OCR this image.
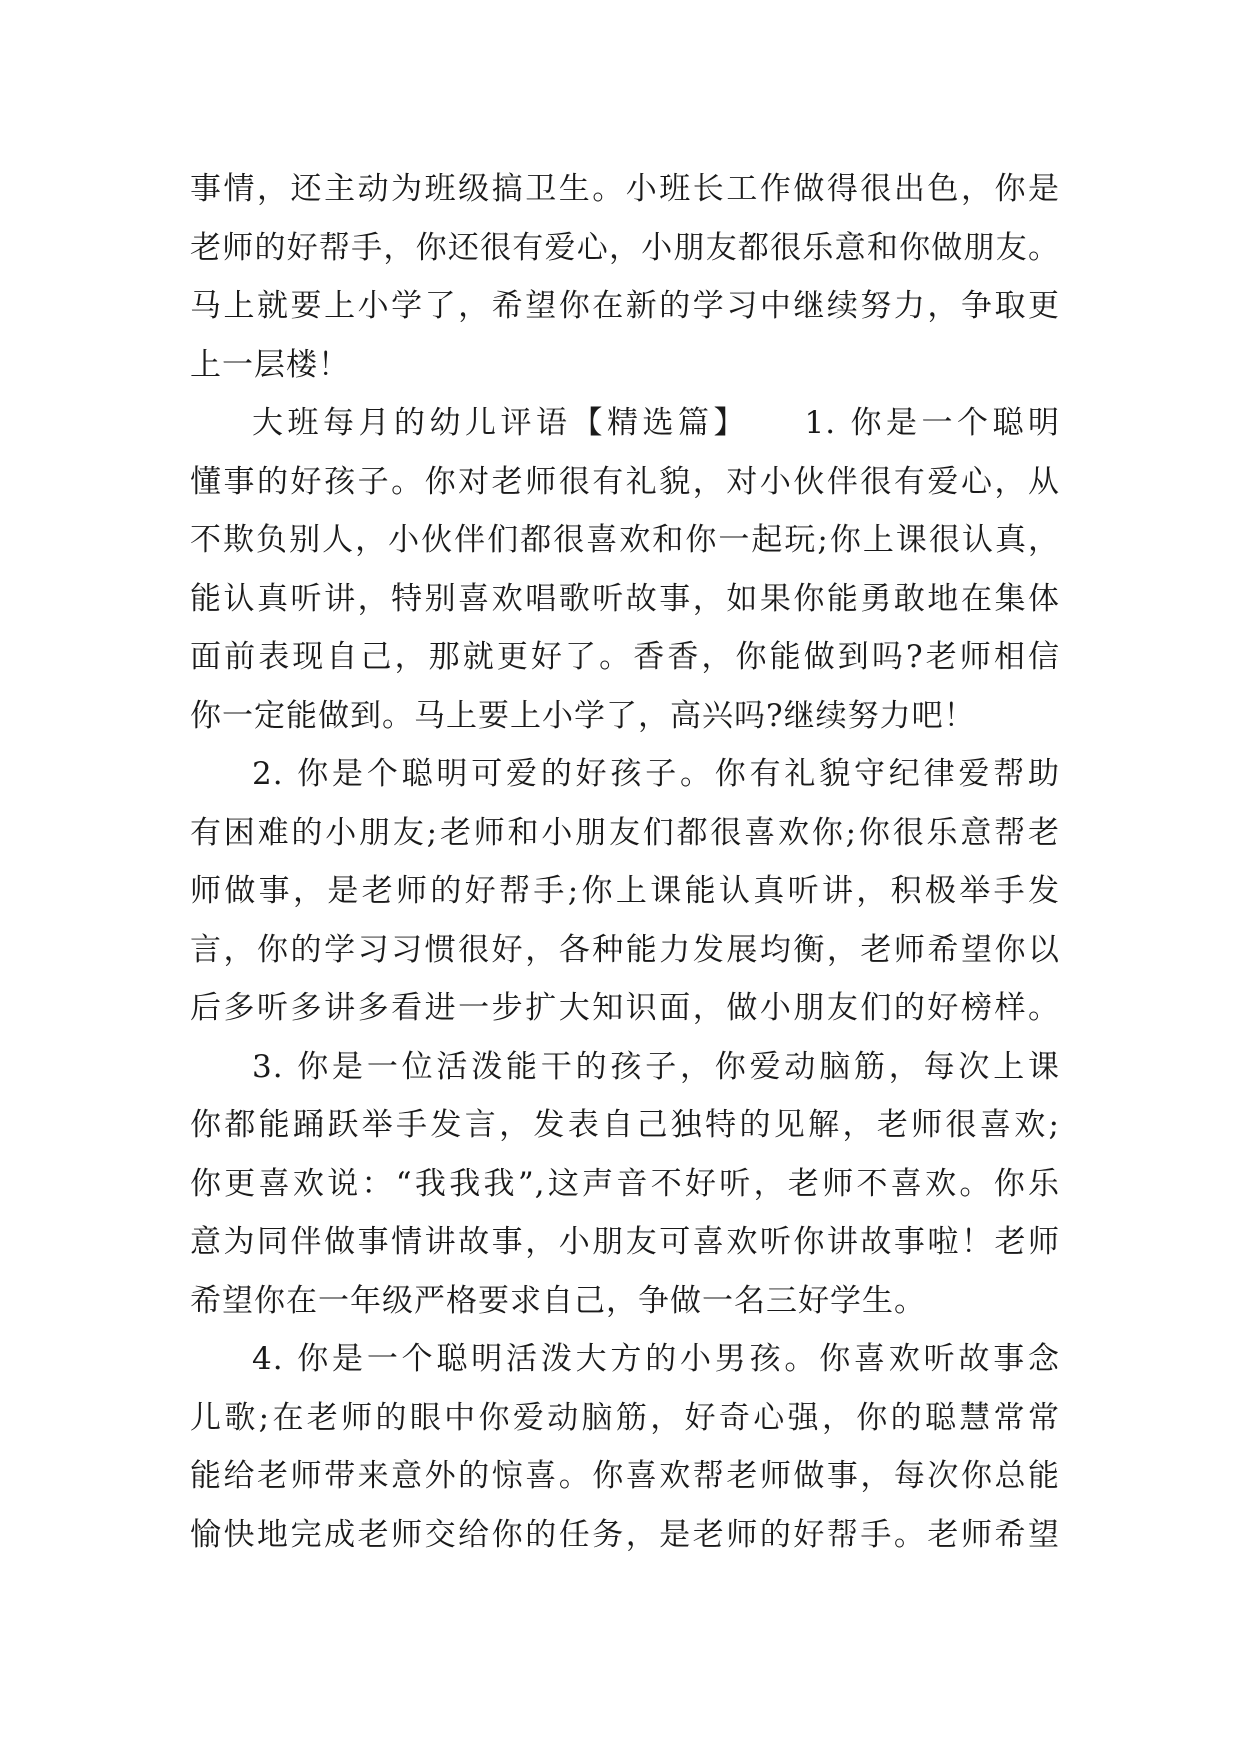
事情，还主动为班级搞卫生。小班长工作做得很出色，你是
老师的好帮手，你还很有爱心，小朋友都很乐意和你做朋友。
马上就要上小学了，希望你在新的学习中继续努力，争取更
上一层楼！
大班每月的幼儿评语【精选篇】　　1. 你是一个聪明
懂事的好孩子。你对老师很有礼貌，对小伙伴很有爱心，从
不欺负别人，小伙伴们都很喜欢和你一起玩;你上课很认真，
能认真听讲，特别喜欢唱歌听故事，如果你能勇敢地在集体
面前表现自己，那就更好了。香香，你能做到吗?老师相信
你一定能做到。马上要上小学了，高兴吗?继续努力吧！
2. 你是个聪明可爱的好孩子。你有礼貌守纪律爱帮助
有困难的小朋友;老师和小朋友们都很喜欢你;你很乐意帮老
师做事，是老师的好帮手;你上课能认真听讲，积极举手发
言，你的学习习惯很好，各种能力发展均衡，老师希望你以
后多听多讲多看进一步扩大知识面，做小朋友们的好榜样。
3. 你是一位活泼能干的孩子，你爱动脑筋，每次上课
你都能踊跃举手发言，发表自己独特的见解，老师很喜欢;
你更喜欢说：“我我我”,这声音不好听，老师不喜欢。你乐
意为同伴做事情讲故事，小朋友可喜欢听你讲故事啦！老师
希望你在一年级严格要求自己，争做一名三好学生。
4. 你是一个聪明活泼大方的小男孩。你喜欢听故事念
儿歌;在老师的眼中你爱动脑筋，好奇心强，你的聪慧常常
能给老师带来意外的惊喜。你喜欢帮老师做事，每次你总能
愉快地完成老师交给你的任务，是老师的好帮手。老师希望
